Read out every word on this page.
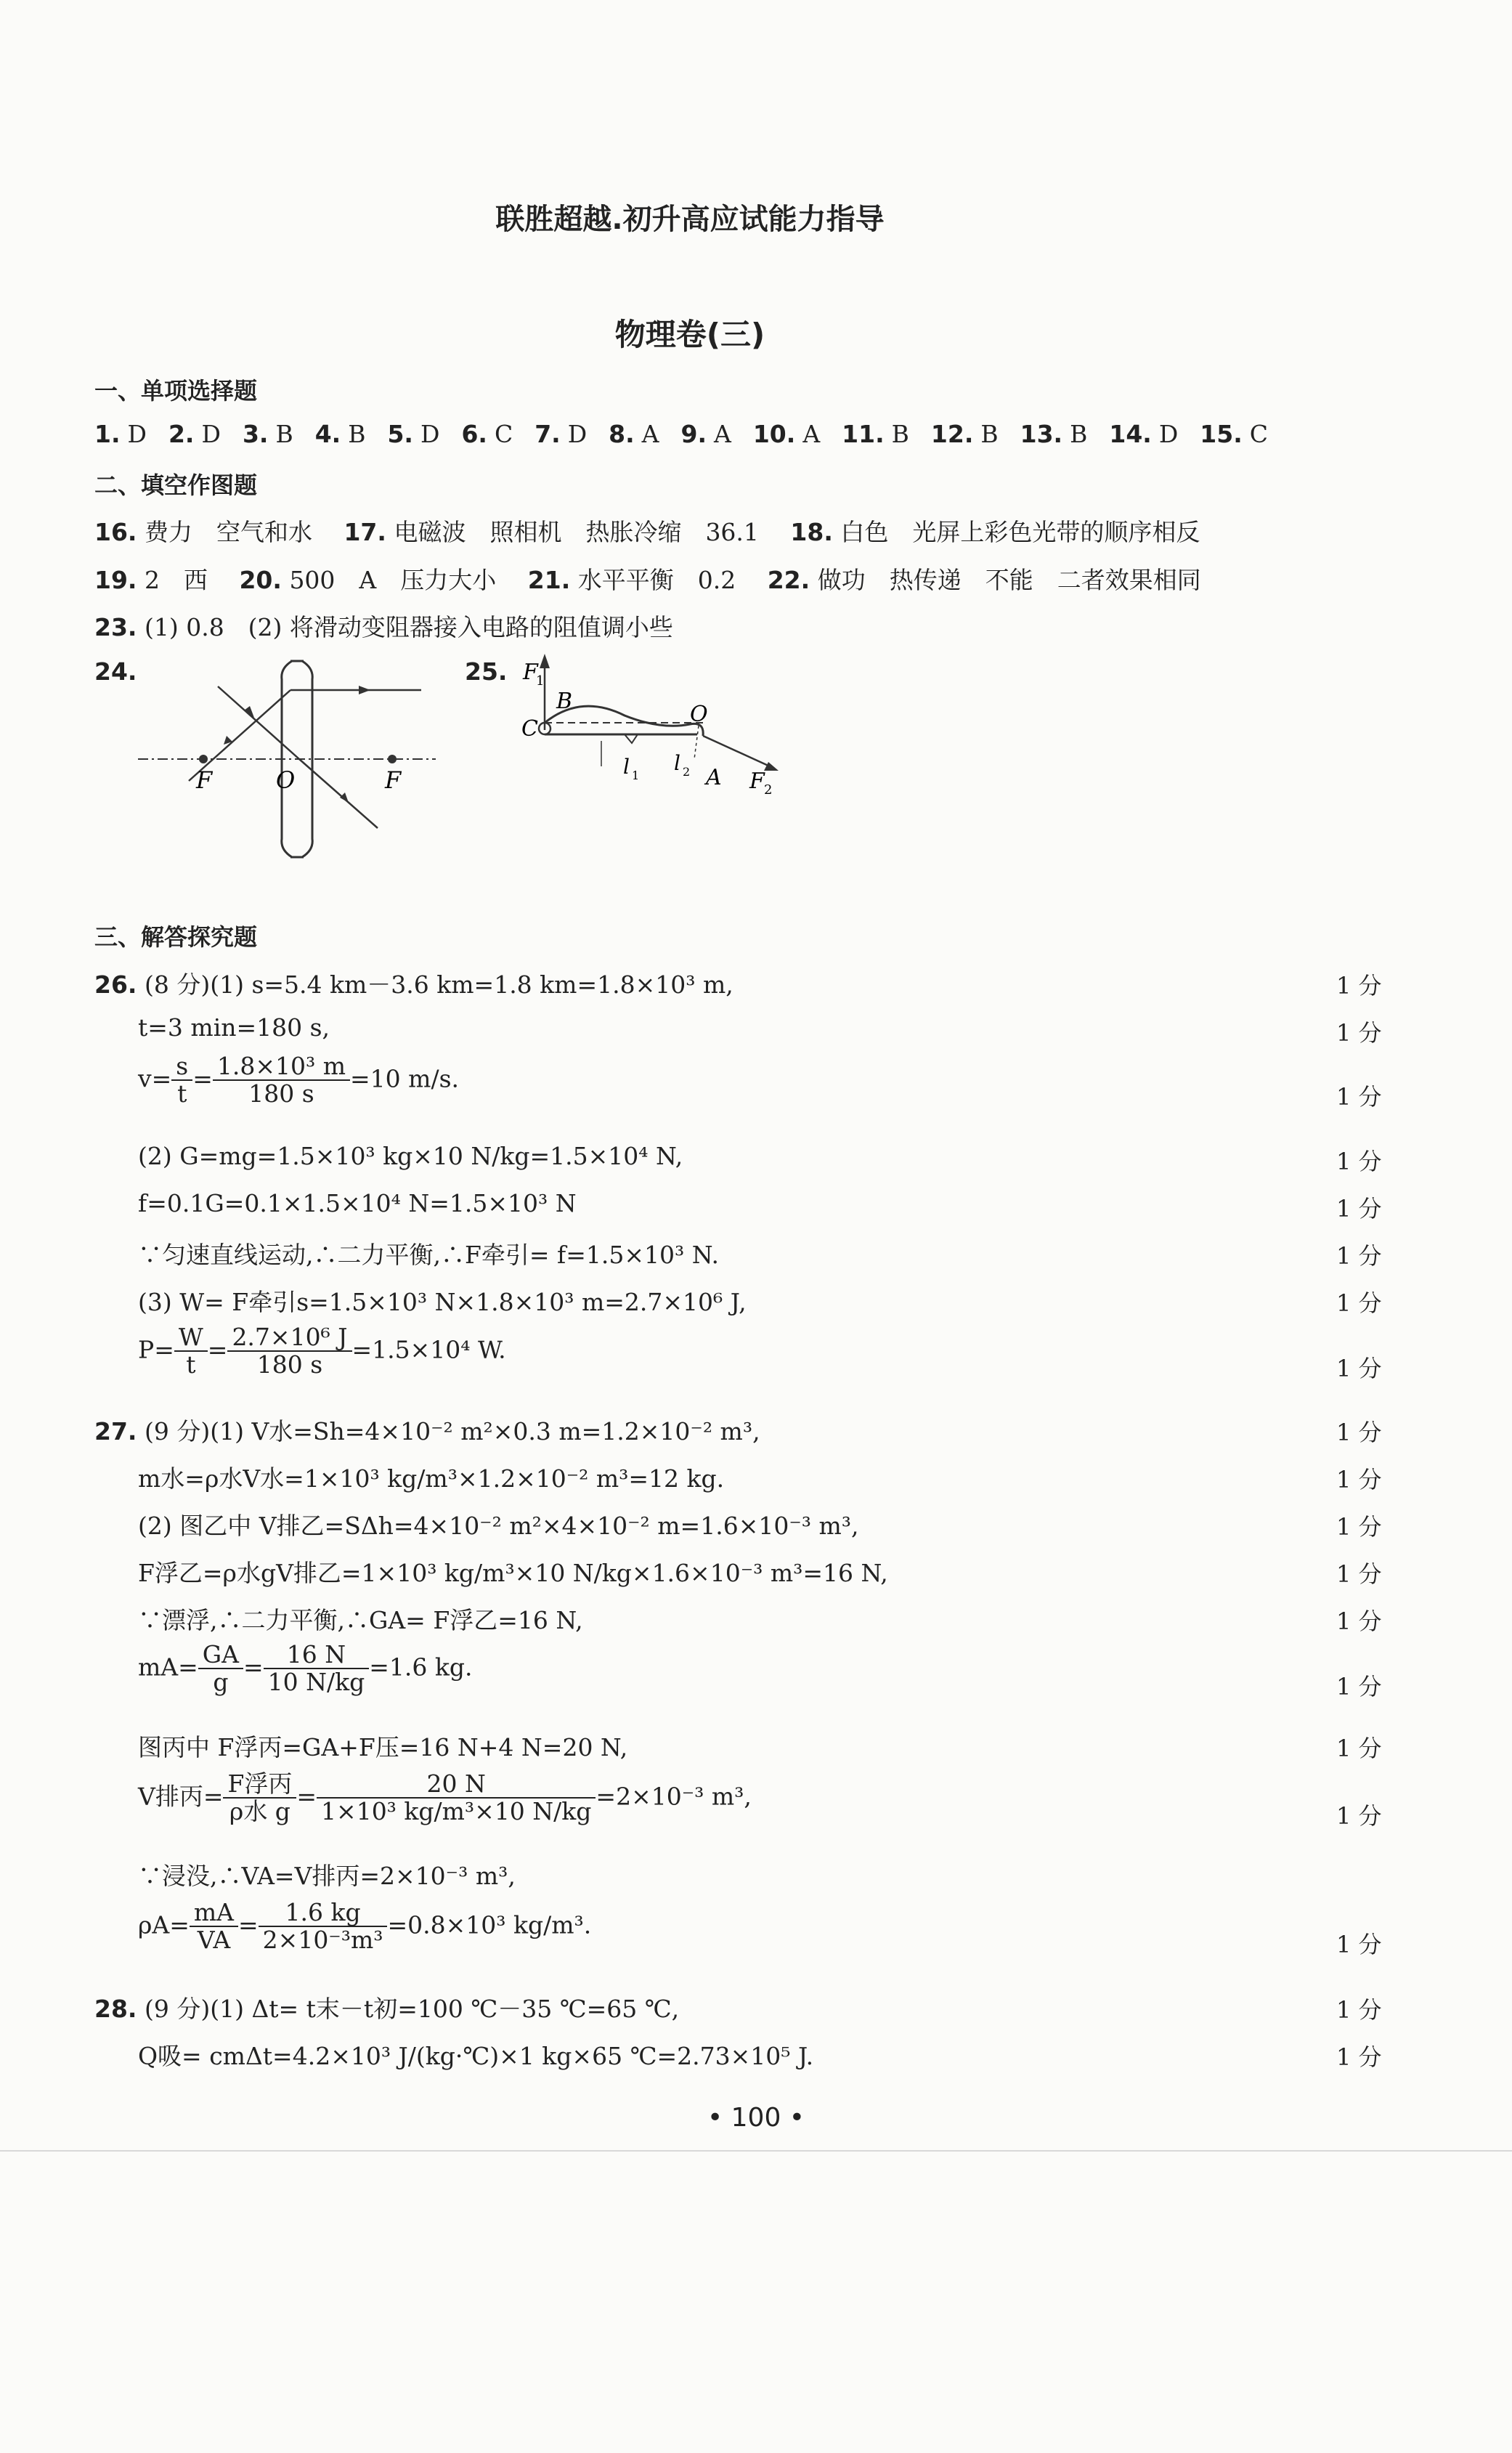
联胜超越.初升高应试能力指导
物理卷(三)
一、单项选择题
1. D 2. D 3. B 4. B 5. D 6. C 7. D 8. A 9. A 10. A 11. B 12. B 13. B 14. D 15. C
二、填空作图题
16. 费力　空气和水　 17. 电磁波　照相机　热胀冷缩　36.1　 18. 白色　光屏上彩色光带的顺序相反
19. 2　西　 20. 500　A　压力大小　 21. 水平平衡　0.2　 22. 做功　热传递　不能　二者效果相同
23. (1) 0.8　(2) 将滑动变阻器接入电路的阻值调小些
24.
F	O	F
25. F
1
B
C
O
l 1
l 2 A F 2
三、解答探究题
26. (8 分)(1) s=5.4 km－3.6 km=1.8 km=1.8×10³ m,
t=3 min=180 s,
$v= \frac{s}{t} = \frac{\text{1.8×10³ m}}{180 s} =10$ m/s.
(2) G=mg=1.5×10³ kg×10 N/kg=1.5×10⁴ N,
f=0.1G=0.1×1.5×10⁴ N=1.5×10³ N
∵匀速直线运动,∴二力平衡,∴F牵引= f=1.5×10³ N.
(3) W= F牵引s=1.5×10³ N×1.8×10³ m=2.7×10⁶ J,
$P= \frac{W}{t} = \frac{\text{2.7×10⁶ J}}{180 s} =1.5\times 10^4$ W.
27. (9 分)(1) V水=Sh=4×10⁻² m²×0.3 m=1.2×10⁻² m³,
m水=ρ水V水=1×10³ kg/m³×1.2×10⁻² m³=12 kg.
(2) 图乙中 V排乙=SΔh=4×10⁻² m²×4×10⁻² m=1.6×10⁻³ m³,
F浮乙=ρ水gV排乙=1×10³ kg/m³×10 N/kg×1.6×10⁻³ m³=16 N,
∵漂浮,∴二力平衡,∴GA= F浮乙=16 N,
$mA= \frac{GA}{g} = \frac{16 N}{10 N/kg} =1.6$ kg.
图丙中 F浮丙=GA+F压=16 N+4 N=20 N,
V排丙= $\frac{\text{F浮丙}}{\text{ρ水 g}} = \frac{20 N}{\text{1×10³ kg/m³×10 N/kg}} =2\times 10^{-3}$ m³,
∵浸没,∴VA=V排丙=2×10⁻³ m³,
$\rho A= \frac{mA}{VA} = \frac{1.6 kg}{\text{2×10⁻³m³}} =0.8\times 10^3$ kg/m³.
28. (9 分)(1) Δt= t末－t初=100 ℃－35 ℃=65 ℃,
Q吸= cmΔt=4.2×10³ J/(kg·℃)×1 kg×65 ℃=2.73×10⁵ J.
1 分
1 分
1 分
1 分
1 分
1 分
1 分
1 分
1 分
1 分
1 分
1 分
1 分
1 分
1 分
1 分
1 分
1 分
1 分
• 100 •
